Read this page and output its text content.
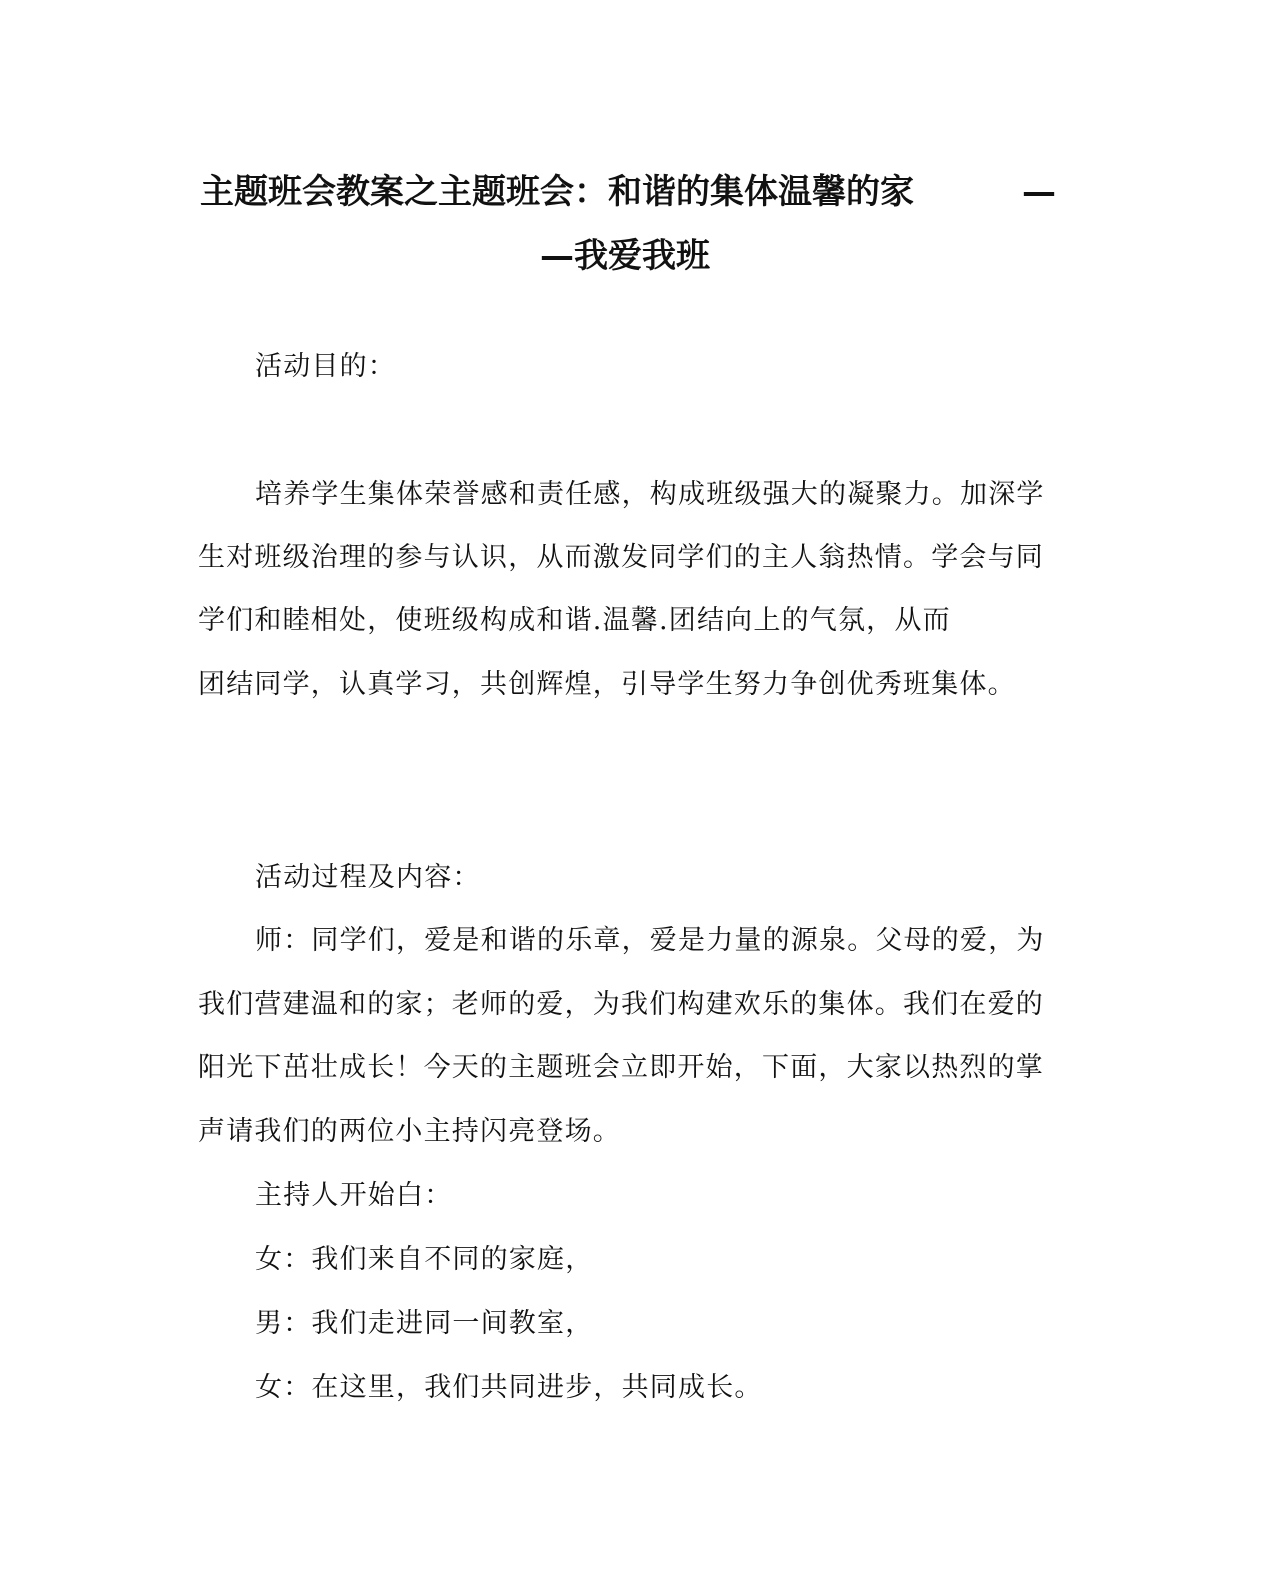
主题班会教案之主题班会：和谐的集体温馨的家	—
—我爱我班
活动目的：
培养学生集体荣誉感和责任感，构成班级强大的凝聚力。加深学
生对班级治理的参与认识，从而激发同学们的主人翁热情。学会与同
学们和睦相处，使班级构成和谐.温馨.团结向上的气氛，从而
团结同学，认真学习，共创辉煌，引导学生努力争创优秀班集体。
活动过程及内容：
师：同学们，爱是和谐的乐章，爱是力量的源泉。父母的爱，为
我们营建温和的家；老师的爱，为我们构建欢乐的集体。我们在爱的
阳光下茁壮成长！今天的主题班会立即开始，下面，大家以热烈的掌
声请我们的两位小主持闪亮登场。
主持人开始白：
女：我们来自不同的家庭，
男：我们走进同一间教室，
女：在这里，我们共同进步，共同成长。
